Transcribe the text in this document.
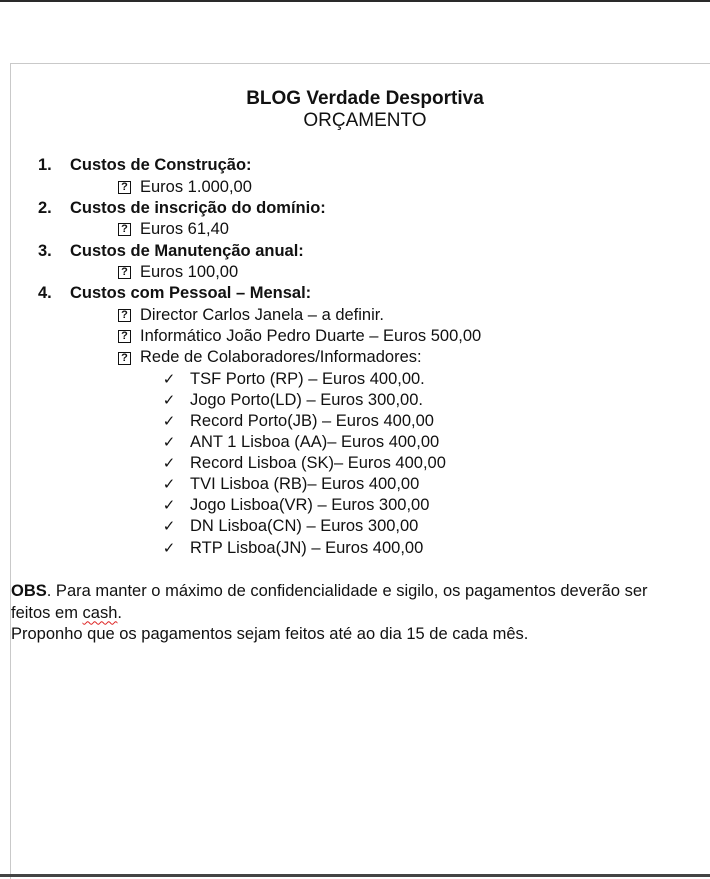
BLOG Verdade Desportiva
ORÇAMENTO
1.	Custos de Construção:
? Euros 1.000,00
2.	Custos de inscrição do domínio:
? Euros 61,40
3.	Custos de Manutenção anual:
? Euros 100,00
4.	Custos com Pessoal – Mensal:
? Director Carlos Janela – a definir.
? Informático João Pedro Duarte – Euros 500,00
? Rede de Colaboradores/Informadores:
✓ TSF Porto (RP) – Euros 400,00.
✓ Jogo Porto(LD) – Euros 300,00.
✓ Record Porto(JB) – Euros 400,00
✓ ANT 1 Lisboa (AA)– Euros 400,00
✓ Record Lisboa (SK)– Euros 400,00
✓ TVI Lisboa (RB)– Euros 400,00
✓ Jogo Lisboa(VR) – Euros 300,00
✓ DN Lisboa(CN) – Euros 300,00
✓ RTP Lisboa(JN) – Euros 400,00
OBS. Para manter o máximo de confidencialidade e sigilo, os pagamentos deverão ser
feitos em cash.
Proponho que os pagamentos sejam feitos até ao dia 15 de cada mês.
